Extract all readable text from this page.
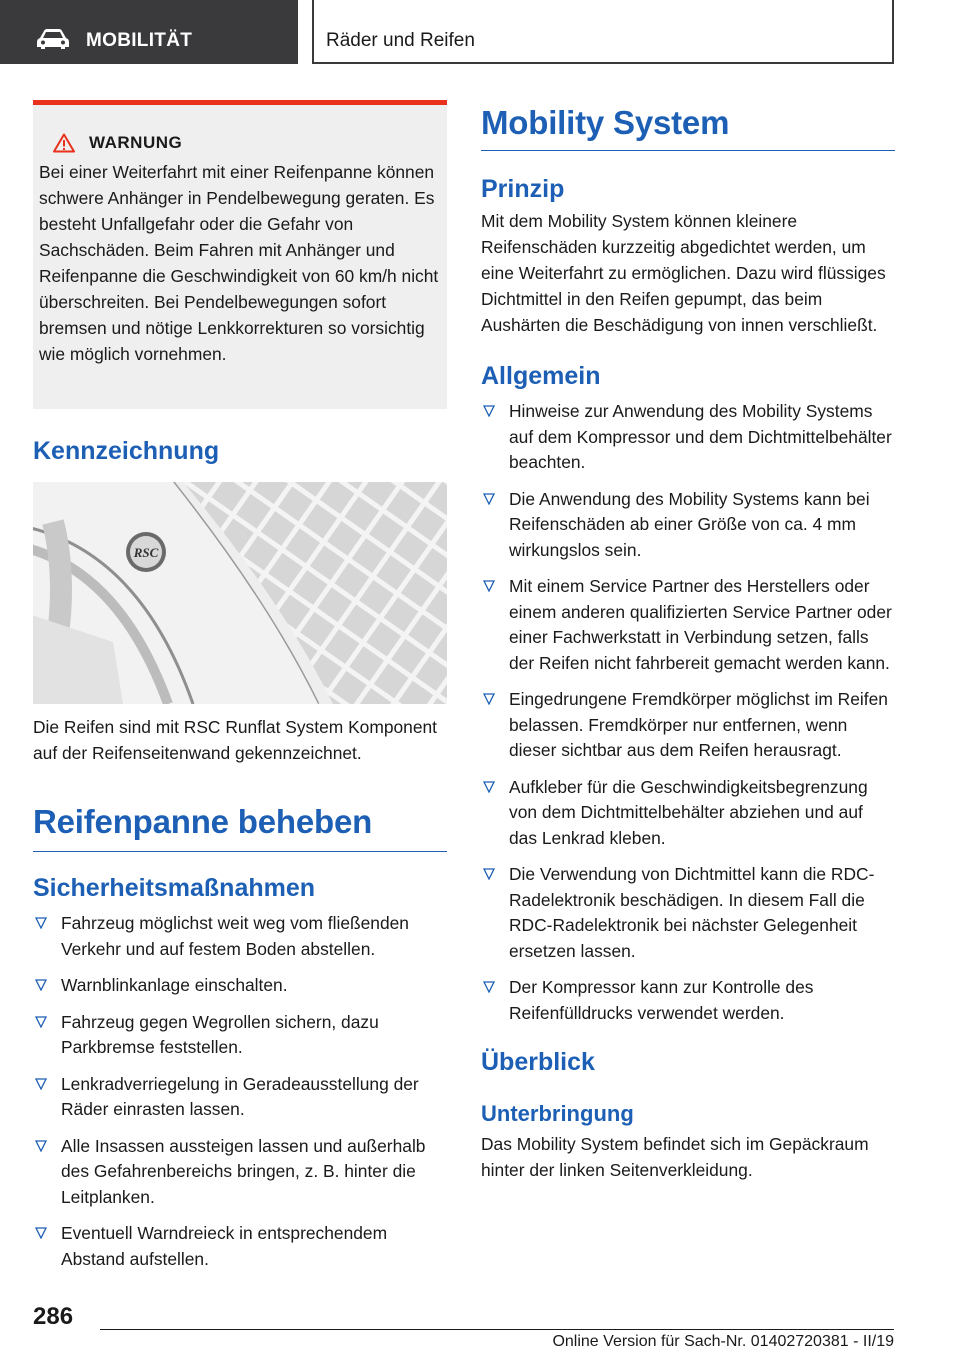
MOBILITÄT	Räder und Reifen
WARNUNG
Bei einer Weiterfahrt mit einer Reifenpanne können schwere Anhänger in Pendelbewegung geraten. Es besteht Unfallgefahr oder die Gefahr von Sachschäden. Beim Fahren mit Anhänger und Reifenpanne die Geschwindigkeit von 60 km/h nicht überschreiten. Bei Pendelbewegungen sofort bremsen und nötige Lenkkorrekturen so vorsichtig wie möglich vornehmen.
Kennzeichnung
RSC

Die Reifen sind mit RSC Runflat System Komponent auf der Reifenseitenwand gekennzeichnet.

Reifenpanne beheben
Sicherheitsmaßnahmen
Fahrzeug möglichst weit weg vom fließenden Verkehr und auf festem Boden abstellen.
Warnblinkanlage einschalten.
Fahrzeug gegen Wegrollen sichern, dazu Parkbremse feststellen.
Lenkradverriegelung in Geradeausstellung der Räder einrasten lassen.
Alle Insassen aussteigen lassen und außerhalb des Gefahrenbereichs bringen, z. B. hinter die Leitplanken.
Eventuell Warndreieck in entsprechendem Abstand aufstellen.
Mobility System
Prinzip

Mit dem Mobility System können kleinere Reifenschäden kurzzeitig abgedichtet werden, um eine Weiterfahrt zu ermöglichen. Dazu wird flüssiges Dichtmittel in den Reifen gepumpt, das beim Aushärten die Beschädigung von innen verschließt.

Allgemein
Hinweise zur Anwendung des Mobility Systems auf dem Kompressor und dem Dichtmittelbehälter beachten.
Die Anwendung des Mobility Systems kann bei Reifenschäden ab einer Größe von ca. 4 mm wirkungslos sein.
Mit einem Service Partner des Herstellers oder einem anderen qualifizierten Service Partner oder einer Fachwerkstatt in Verbindung setzen, falls der Reifen nicht fahrbereit gemacht werden kann.
Eingedrungene Fremdkörper möglichst im Reifen belassen. Fremdkörper nur entfernen, wenn dieser sichtbar aus dem Reifen herausragt.
Aufkleber für die Geschwindigkeitsbegrenzung von dem Dichtmittelbehälter abziehen und auf das Lenkrad kleben.
Die Verwendung von Dichtmittel kann die RDC-Radelektronik beschädigen. In diesem Fall die RDC-Radelektronik bei nächster Gelegenheit ersetzen lassen.
Der Kompressor kann zur Kontrolle des Reifenfülldrucks verwendet werden.
Überblick
Unterbringung

Das Mobility System befindet sich im Gepäckraum hinter der linken Seitenverkleidung.

286
Online Version für Sach-Nr. 01402720381 - II/19
